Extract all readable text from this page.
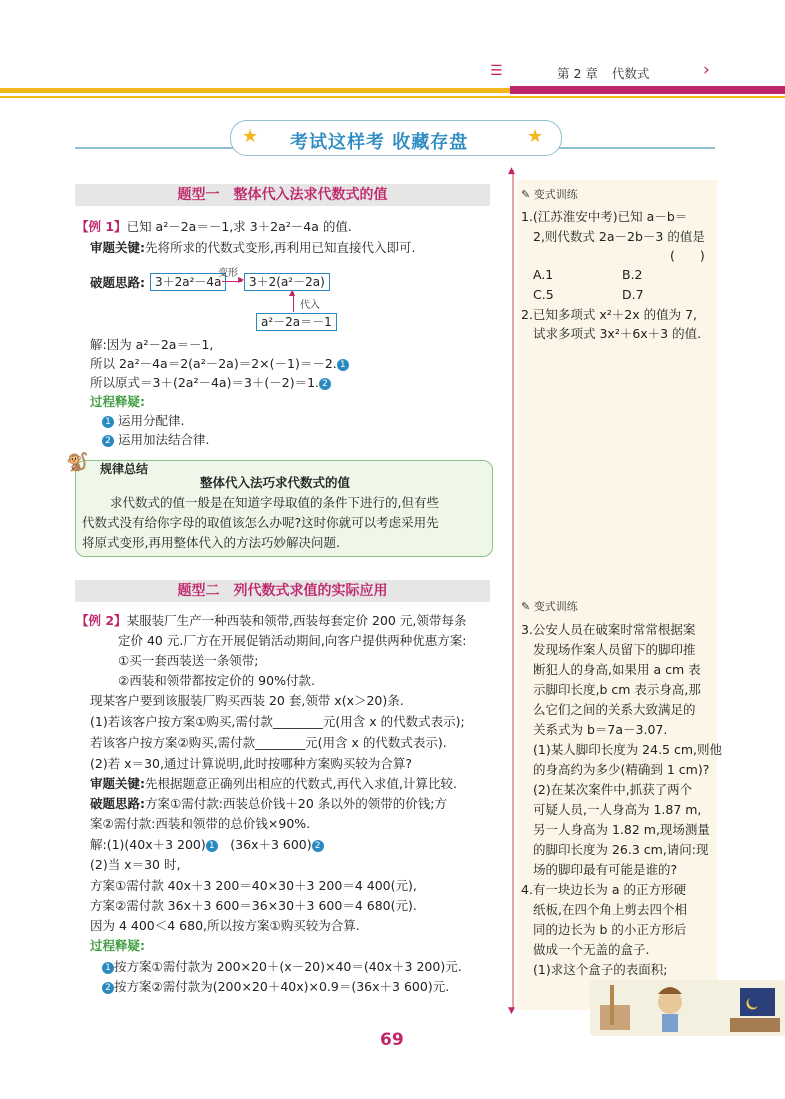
☰	第 2 章 代数式	›
★	★
考试这样考 收藏存盘
▲
▼
题型一　整体代入法求代数式的值
【例 1】已知 a²－2a＝－1,求 3＋2a²－4a 的值.
审题关键:先将所求的代数式变形,再利用已知直接代入即可.
破题思路: 3＋2a²－4a
变形
▶ 3＋2(a²－2a)
▲
代入
a²－2a＝－1
解:因为 a²－2a＝－1,
所以 2a²－4a＝2(a²－2a)＝2×(－1)＝－2. 1
所以原式＝3＋(2a²－4a)＝3＋(－2)＝1. 2
过程释疑:
1 运用分配律.
2 运用加法结合律.
🐒 规律总结
整体代入法巧求代数式的值
求代数式的值一般是在知道字母取值的条件下进行的,但有些
代数式没有给你字母的取值该怎么办呢?这时你就可以考虑采用先
将原式变形,再用整体代入的方法巧妙解决问题.
题型二　列代数式求值的实际应用
【例 2】某服装厂生产一种西装和领带,西装每套定价 200 元,领带每条
定价 40 元.厂方在开展促销活动期间,向客户提供两种优惠方案:
①买一套西装送一条领带;
②西装和领带都按定价的 90%付款.
现某客户要到该服装厂购买西装 20 套,领带 x(x＞20)条.
(1)若该客户按方案①购买,需付款________元(用含 x 的代数式表示);
若该客户按方案②购买,需付款________元(用含 x 的代数式表示).
(2)若 x＝30,通过计算说明,此时按哪种方案购买较为合算?
审题关键:先根据题意正确列出相应的代数式,再代入求值,计算比较.
破题思路:方案①需付款:西装总价钱＋20 条以外的领带的价钱;方
案②需付款:西装和领带的总价钱×90%.
解:(1)(40x＋3 200) 1　 (36x＋3 600) 2
(2)当 x＝30 时,
方案①需付款 40x＋3 200＝40×30＋3 200＝4 400(元),
方案②需付款 36x＋3 600＝36×30＋3 600＝4 680(元).
因为 4 400＜4 680,所以按方案①购买较为合算.
过程释疑:
1 按方案①需付款为 200×20＋(x－20)×40＝(40x＋3 200)元.
2 按方案②需付款为(200×20＋40x)×0.9＝(36x＋3 600)元.
✎ 变式训练
1.(江苏淮安中考)已知 a－b＝
2,则代数式 2a－2b－3 的值是
(　　)
A.1	B.2
C.5	D.7
2.已知多项式 x²＋2x 的值为 7,
试求多项式 3x²＋6x＋3 的值.
✎ 变式训练
3.公安人员在破案时常常根据案
发现场作案人员留下的脚印推
断犯人的身高,如果用 a cm 表
示脚印长度,b cm 表示身高,那
么它们之间的关系大致满足的
关系式为 b＝7a－3.07.
(1)某人脚印长度为 24.5 cm,则他
的身高约为多少(精确到 1 cm)?
(2)在某次案件中,抓获了两个
可疑人员,一人身高为 1.87 m,
另一人身高为 1.82 m,现场测量
的脚印长度为 26.3 cm,请问:现
场的脚印最有可能是谁的?
4.有一块边长为 a 的正方形硬
纸板,在四个角上剪去四个相
同的边长为 b 的小正方形后
做成一个无盖的盒子.
(1)求这个盒子的表面积;
69
